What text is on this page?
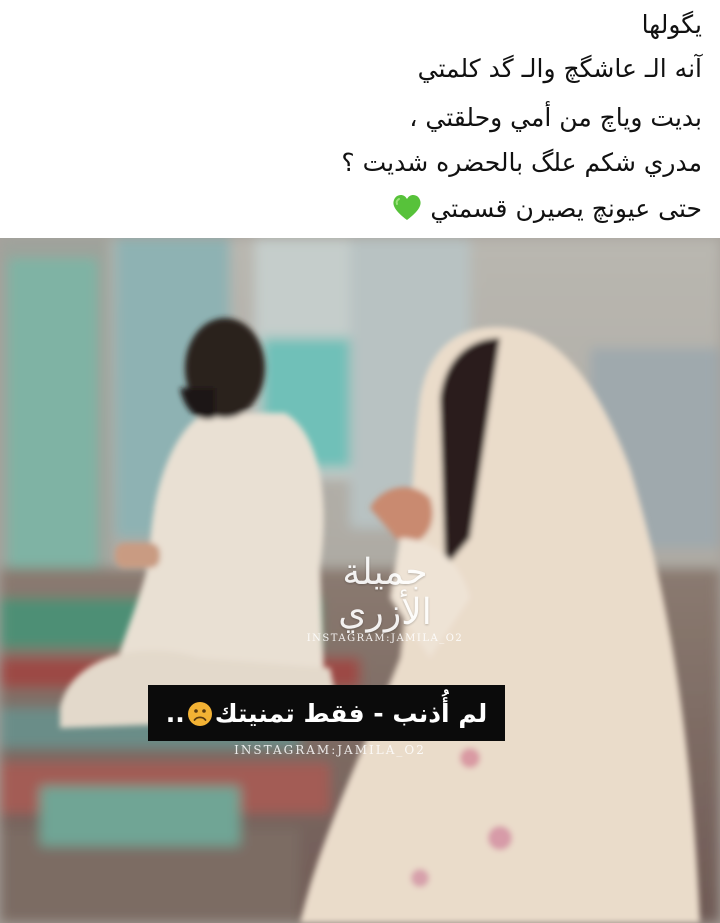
يگولها
آنه الـ عاشگچ والـ گد كلمتي
بديت وياچ من أمي وحلقتي ،
مدري شكم علگ بالحضره شديت ؟
حتى عيونچ يصيرن قسمتي
جميلة الأزري
INSTAGRAM:JAMILA_O2
لم أُذنب - فقط تمنيتك..
INSTAGRAM:JAMILA_O2
